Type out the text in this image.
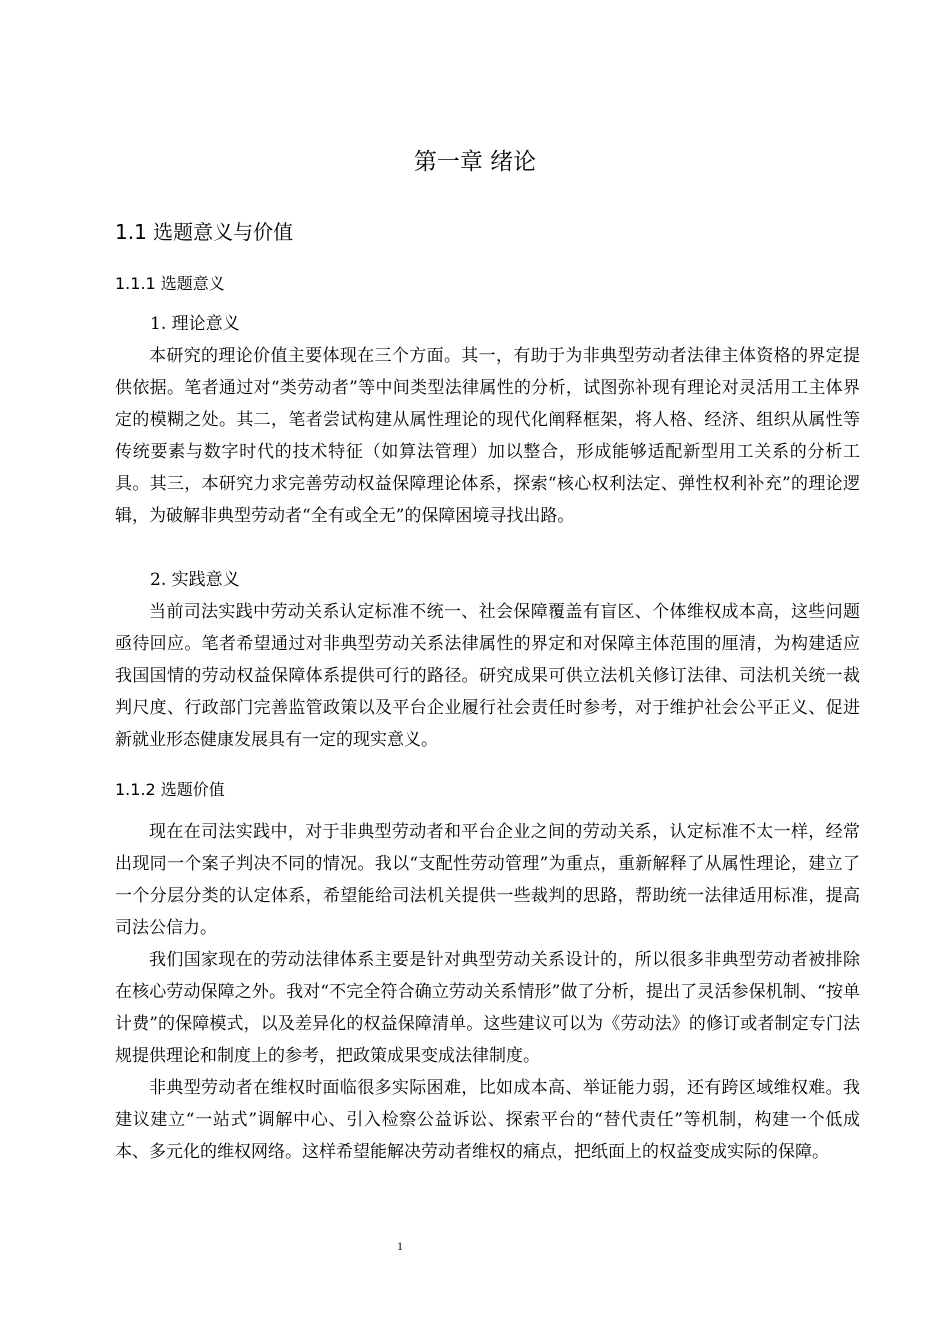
第一章 绪论
1.1 选题意义与价值
1.1.1 选题意义
1. 理论意义

本研究的理论价值主要体现在三个方面。其一，有助于为非典型劳动者法律主体资格的界定提供依据。笔者通过对“类劳动者”等中间类型法律属性的分析，试图弥补现有理论对灵活用工主体界定的模糊之处。其二，笔者尝试构建从属性理论的现代化阐释框架，将人格、经济、组织从属性等传统要素与数字时代的技术特征（如算法管理）加以整合，形成能够适配新型用工关系的分析工具。其三，本研究力求完善劳动权益保障理论体系，探索“核心权利法定、弹性权利补充”的理论逻辑，为破解非典型劳动者“全有或全无”的保障困境寻找出路。

2. 实践意义

当前司法实践中劳动关系认定标准不统一、社会保障覆盖有盲区、个体维权成本高，这些问题亟待回应。笔者希望通过对非典型劳动关系法律属性的界定和对保障主体范围的厘清，为构建适应我国国情的劳动权益保障体系提供可行的路径。研究成果可供立法机关修订法律、司法机关统一裁判尺度、行政部门完善监管政策以及平台企业履行社会责任时参考，对于维护社会公平正义、促进新就业形态健康发展具有一定的现实意义。

1.1.2 选题价值

现在在司法实践中，对于非典型劳动者和平台企业之间的劳动关系，认定标准不太一样，经常出现同一个案子判决不同的情况。我以“支配性劳动管理”为重点，重新解释了从属性理论，建立了一个分层分类的认定体系，希望能给司法机关提供一些裁判的思路，帮助统一法律适用标准，提高司法公信力。

我们国家现在的劳动法律体系主要是针对典型劳动关系设计的，所以很多非典型劳动者被排除在核心劳动保障之外。我对“不完全符合确立劳动关系情形”做了分析，提出了灵活参保机制、“按单计费”的保障模式，以及差异化的权益保障清单。这些建议可以为《劳动法》的修订或者制定专门法规提供理论和制度上的参考，把政策成果变成法律制度。

非典型劳动者在维权时面临很多实际困难，比如成本高、举证能力弱，还有跨区域维权难。我建议建立“一站式”调解中心、引入检察公益诉讼、探索平台的“替代责任”等机制，构建一个低成本、多元化的维权网络。这样希望能解决劳动者维权的痛点，把纸面上的权益变成实际的保障。

1
